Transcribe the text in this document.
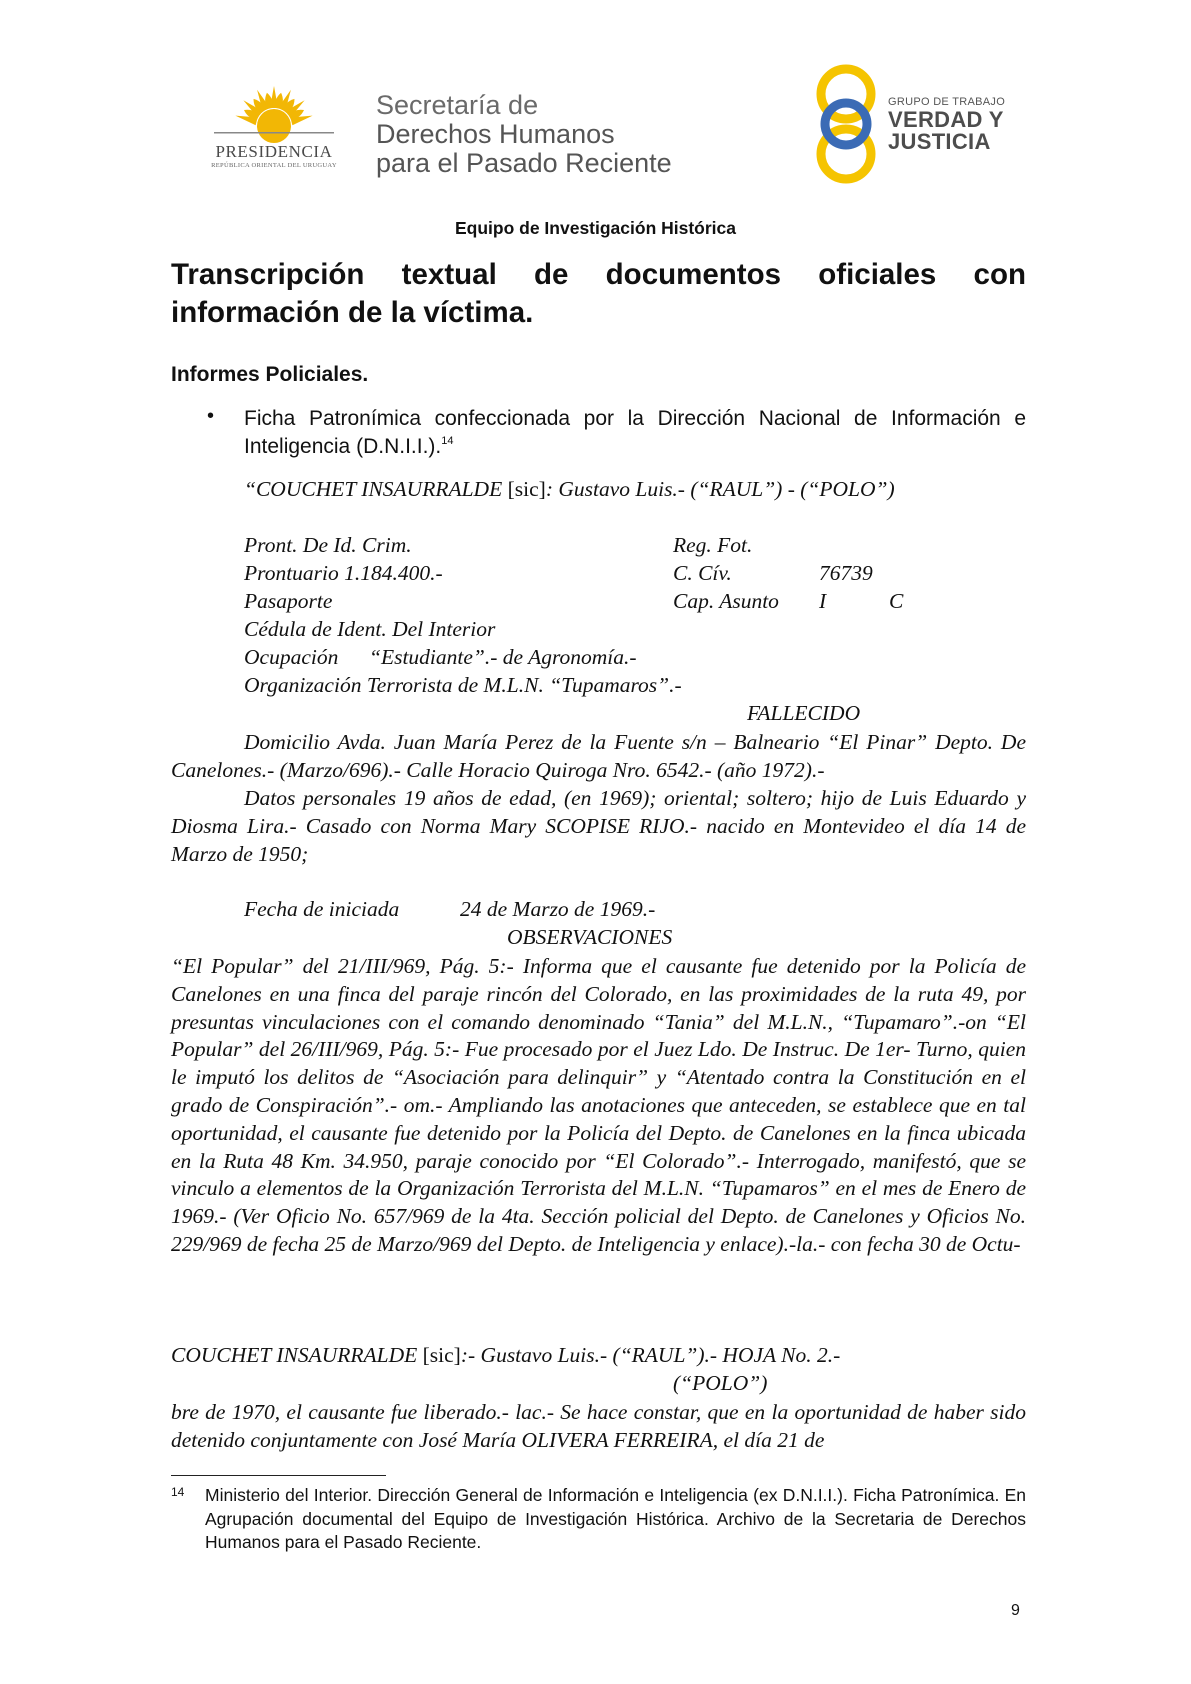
PRESIDENCIA
REPÚBLICA ORIENTAL DEL URUGUAY
Secretaría de
Derechos Humanos
para el Pasado Reciente
GRUPO DE TRABAJO
VERDAD Y
JUSTICIA
Equipo de Investigación Histórica
Transcripción textual de documentos oficiales con información de la víctima.
Informes Policiales.
• Ficha Patronímica confeccionada por la Dirección Nacional de Información e Inteligencia (D.N.I.I.).$^{14}$

“COUCHET INSAURRALDE [sic]: Gustavo Luis.- (“RAUL”) - (“POLO”)
Pront. De Id. Crim.	Reg. Fot.
Prontuario 1.184.400.-	C. Cív.	76739
Pasaporte	Cap. Asunto I	C
Cédula de Ident. Del Interior
Ocupación “Estudiante”.- de Agronomía.-
Organización Terrorista de M.L.N. “Tupamaros”.-
FALLECIDO

Domicilio Avda. Juan María Perez de la Fuente s/n – Balneario “El Pinar” Depto. De Canelones.- (Marzo/696).- Calle Horacio Quiroga Nro. 6542.- (año 1972).-

Datos personales 19 años de edad, (en 1969); oriental; soltero; hijo de Luis Eduardo y Diosma Lira.- Casado con Norma Mary SCOPISE RIJO.- nacido en Montevideo el día 14 de Marzo de 1950;

Fecha de iniciada	24 de Marzo de 1969.-
OBSERVACIONES

“El Popular” del 21/III/969, Pág. 5:- Informa que el causante fue detenido por la Policía de Canelones en una finca del paraje rincón del Colorado, en las proximidades de la ruta 49, por presuntas vinculaciones con el comando denominado “Tania” del M.L.N., “Tupamaro”.-on “El Popular” del 26/III/969, Pág. 5:- Fue procesado por el Juez Ldo. De Instruc. De 1er- Turno, quien le imputó los delitos de “Asociación para delinquir” y “Atentado contra la Constitución en el grado de Conspiración”.- om.- Ampliando las anotaciones que anteceden, se establece que en tal oportunidad, el causante fue detenido por la Policía del Depto. de Canelones en la finca ubicada en la Ruta 48 Km. 34.950, paraje conocido por “El Colorado”.- Interrogado, manifestó, que se vinculo a elementos de la Organización Terrorista del M.L.N. “Tupamaros” en el mes de Enero de 1969.- (Ver Oficio No. 657/969 de la 4ta. Sección policial del Depto. de Canelones y Oficios No. 229/969 de fecha 25 de Marzo/969 del Depto. de Inteligencia y enlace).-la.- con fecha 30 de Octu-

COUCHET INSAURRALDE [sic]:- Gustavo Luis.- (“RAUL”).- HOJA No. 2.-
(“POLO”)

bre de 1970, el causante fue liberado.- lac.- Se hace constar, que en la oportunidad de haber sido detenido conjuntamente con José María OLIVERA FERREIRA, el día 21 de

14 Ministerio del Interior. Dirección General de Información e Inteligencia (ex D.N.I.I.). Ficha Patronímica. En Agrupación documental del Equipo de Investigación Histórica. Archivo de la Secretaria de Derechos Humanos para el Pasado Reciente.

9
